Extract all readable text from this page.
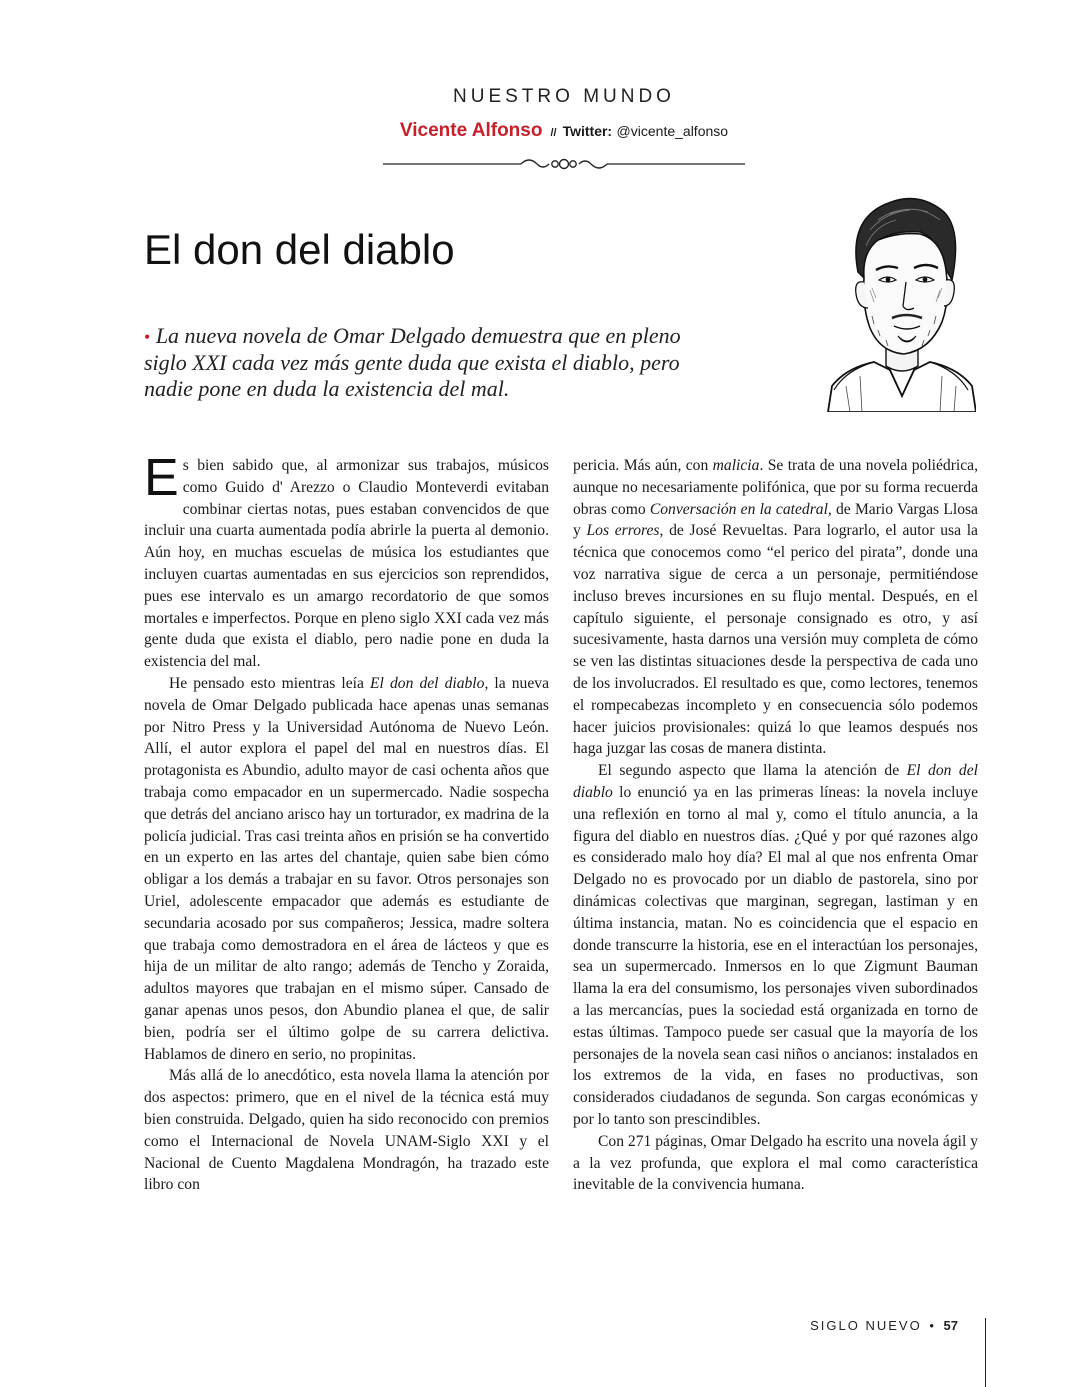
NUESTRO MUNDO
Vicente Alfonso // Twitter: @vicente_alfonso
El don del diablo

• La nueva novela de Omar Delgado demuestra que en pleno siglo XXI cada vez más gente duda que exista el diablo, pero nadie pone en duda la existencia del mal.

Es bien sabido que, al armonizar sus trabajos, músicos como Guido d' Arezzo o Claudio Monteverdi evitaban combinar ciertas notas, pues estaban convencidos de que incluir una cuarta aumentada podía abrirle la puerta al demonio. Aún hoy, en muchas escuelas de música los estudiantes que incluyen cuartas aumentadas en sus ejercicios son reprendidos, pues ese intervalo es un amargo recordatorio de que somos mortales e imperfectos. Porque en pleno siglo XXI cada vez más gente duda que exista el diablo, pero nadie pone en duda la existencia del mal.

He pensado esto mientras leía El don del diablo, la nueva novela de Omar Delgado publicada hace apenas unas semanas por Nitro Press y la Universidad Autónoma de Nuevo León. Allí, el autor explora el papel del mal en nuestros días. El protagonista es Abundio, adulto mayor de casi ochenta años que trabaja como empacador en un supermercado. Nadie sospecha que detrás del anciano arisco hay un torturador, ex madrina de la policía judicial. Tras casi treinta años en prisión se ha convertido en un experto en las artes del chantaje, quien sabe bien cómo obligar a los demás a trabajar en su favor. Otros personajes son Uriel, adolescente empacador que además es estudiante de secundaria acosado por sus compañeros; Jessica, madre soltera que trabaja como demostradora en el área de lácteos y que es hija de un militar de alto rango; además de Tencho y Zoraida, adultos mayores que trabajan en el mismo súper. Cansado de ganar apenas unos pesos, don Abundio planea el que, de salir bien, podría ser el último golpe de su carrera delictiva. Hablamos de dinero en serio, no propinitas.

Más allá de lo anecdótico, esta novela llama la atención por dos aspectos: primero, que en el nivel de la técnica está muy bien construida. Delgado, quien ha sido reconocido con premios como el Internacional de Novela UNAM-Siglo XXI y el Nacional de Cuento Magdalena Mondragón, ha trazado este libro con

pericia. Más aún, con malicia. Se trata de una novela poliédrica, aunque no necesariamente polifónica, que por su forma recuerda obras como Conversación en la catedral, de Mario Vargas Llosa y Los errores, de José Revueltas. Para lograrlo, el autor usa la técnica que conocemos como “el perico del pirata”, donde una voz narrativa sigue de cerca a un personaje, permitiéndose incluso breves incursiones en su flujo mental. Después, en el capítulo siguiente, el personaje consignado es otro, y así sucesivamente, hasta darnos una versión muy completa de cómo se ven las distintas situaciones desde la perspectiva de cada uno de los involucrados. El resultado es que, como lectores, tenemos el rompecabezas incompleto y en consecuencia sólo podemos hacer juicios provisionales: quizá lo que leamos después nos haga juzgar las cosas de manera distinta.

El segundo aspecto que llama la atención de El don del diablo lo enunció ya en las primeras líneas: la novela incluye una reflexión en torno al mal y, como el título anuncia, a la figura del diablo en nuestros días. ¿Qué y por qué razones algo es considerado malo hoy día? El mal al que nos enfrenta Omar Delgado no es provocado por un diablo de pastorela, sino por dinámicas colectivas que marginan, segregan, lastiman y en última instancia, matan. No es coincidencia que el espacio en donde transcurre la historia, ese en el interactúan los personajes, sea un supermercado. Inmersos en lo que Zigmunt Bauman llama la era del consumismo, los personajes viven subordinados a las mercancías, pues la sociedad está organizada en torno de estas últimas. Tampoco puede ser casual que la mayoría de los personajes de la novela sean casi niños o ancianos: instalados en los extremos de la vida, en fases no productivas, son considerados ciudadanos de segunda. Son cargas económicas y por lo tanto son prescindibles.

Con 271 páginas, Omar Delgado ha escrito una novela ágil y a la vez profunda, que explora el mal como característica inevitable de la convivencia humana.

SIGLO NUEVO • 57
